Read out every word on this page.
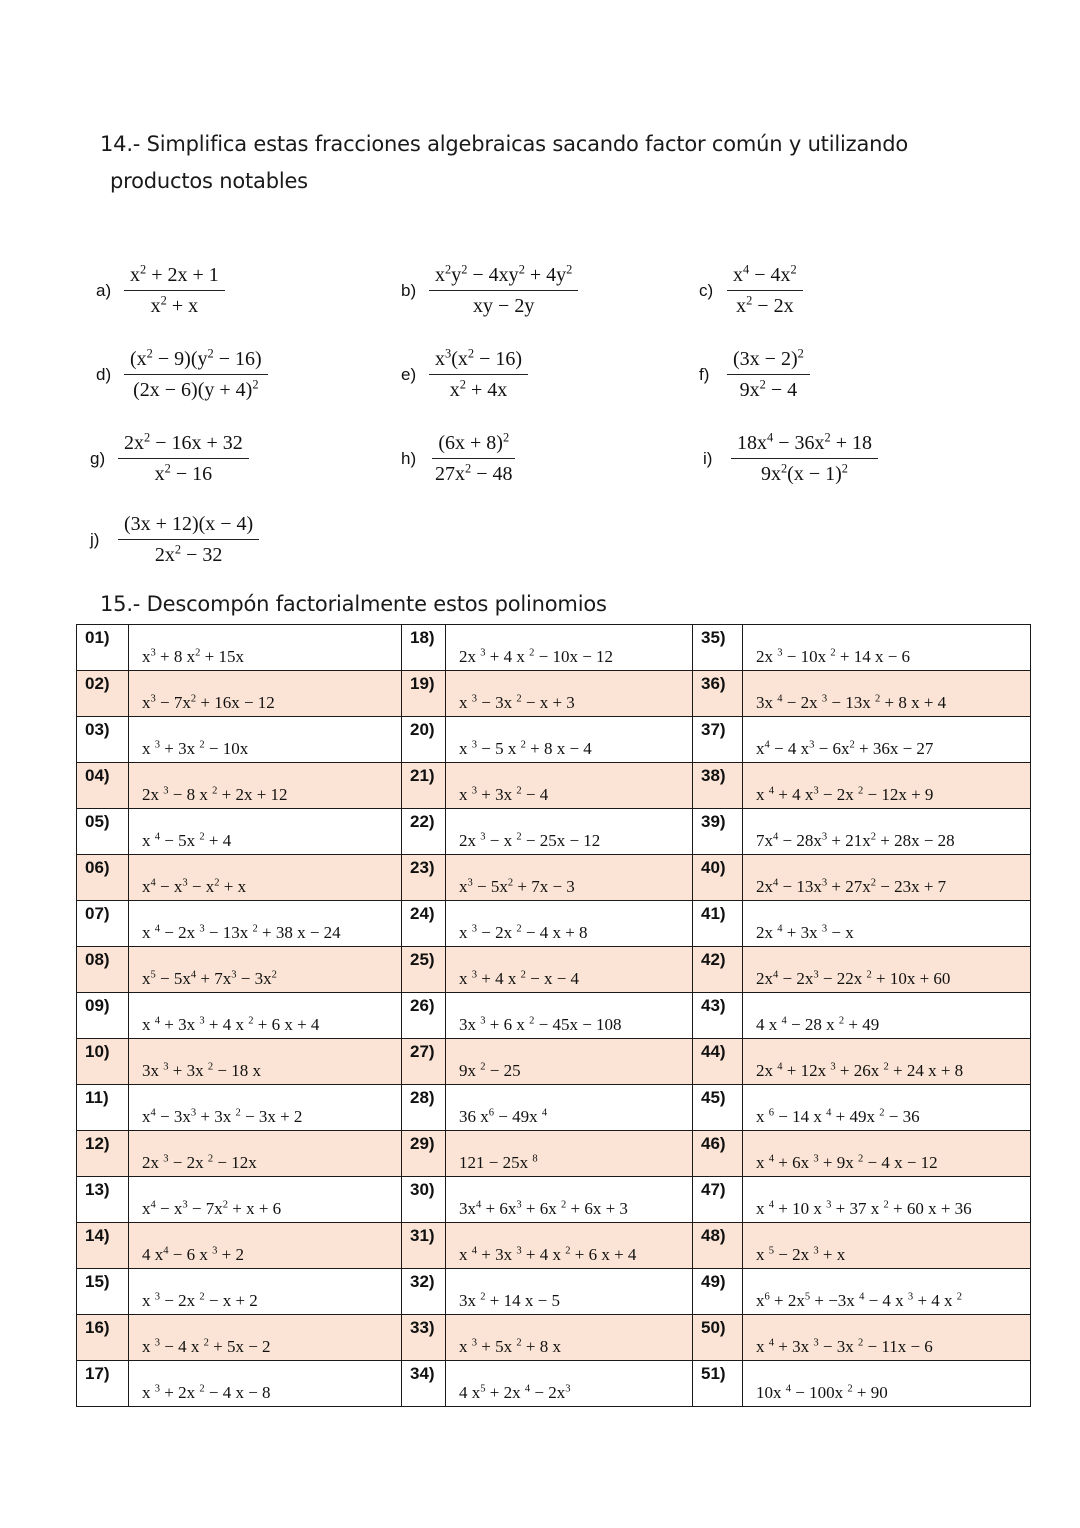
14.- Simplifica estas fracciones algebraicas sacando factor común y utilizando
productos notables
$a) \frac{x^2 + 2x + 1}{x^2 + x}$	$b) \frac{x^2y^2 - 4xy^2 + 4y^2}{xy - 2y}$	$c) \frac{x^4 - 4x^2}{x^2 - 2x}$
$d) \frac{(x^2 - 9)(y^2 - 16)}{(2x - 6)(y + 4)^2}$	$e) \frac{x^3(x^2 - 16)}{x^2 + 4x}$	$f) \frac{(3x - 2)^2}{9x^2 - 4}$
$g) \frac{2x^2 - 16x + 32}{x^2 - 16}$	$h) \frac{(6x + 8)^2}{27x^2 - 48}$	$i) \frac{18x^4 - 36x^2 + 18}{9x^2(x - 1)^2}$
$j) \frac{(3x + 12)(x - 4)}{2x^2 - 32}$
15.- Descompón factorialmente estos polinomios
01)	$x^3 + 8$ $x^2 + 15x$	18)	2x $^3$ + 4 x $^2$ − 10x − 12	35)	2x $^3$ − 10x $^2$ + 14 x − 6

02)	$x^3 - 7x^2 + 16x - 12$	19)	x $^3$ − 3x $^2$ − x + 3	36)	3x $^4$ − 2x $^3$ − 13x $^2$ + 8 x + 4

03)	x $^3$ + 3x $^2$ − 10x	20)	x $^3$ − 5 x $^2$ + 8 x − 4	37)	$x^4 - 4$ $x^3 - 6x^2 + 36x - 27$

04)	2x $^3$ − 8 x $^2$ + 2x + 12	21)	x $^3$ + 3x $^2$ − 4	38)	x $^4$ + 4 $x^3 - 2x$ $^2$ − 12x + 9

05)	x $^4$ − 5x $^2$ + 4	22)	2x $^3$ − x $^2$ − 25x − 12	39)	$7x^4 - 28x^3 + 21x^2 + 28x - 28$

06)	$x^4 - x^3 - x^2 + x$	23)	$x^3 - 5x^2 + 7x - 3$	40)	$2x^4 - 13x^3 + 27x^2 - 23x + 7$

07)	x $^4$ − 2x $^3$ − 13x $^2$ + 38 x − 24	24)	x $^3$ − 2x $^2$ − 4 x + 8	41)	2x $^4$ + 3x $^3$ − x

08)	$x^5 - 5x^4 + 7x^3 - 3x^2$	25)	x $^3$ + 4 x $^2$ − x − 4	42)	$2x^4 - 2x^3 - 22x$ $^2$ + 10x + 60

09)	x $^4$ + 3x $^3$ + 4 x $^2$ + 6 x + 4	26)	3x $^3$ + 6 x $^2$ − 45x − 108	43)	4 x $^4$ − 28 x $^2$ + 49

10)	3x $^3$ + 3x $^2$ − 18 x	27)	9x $^2$ − 25	44)	2x $^4$ + 12x $^3$ + 26x $^2$ + 24 x + 8

11)	$x^4 - 3x^3 + 3x$ $^2$ − 3x + 2	28)	36 $x^6 - 49x$ $^4$	45)	x $^6$ − 14 x $^4$ + 49x $^2$ − 36

12)	2x $^3$ − 2x $^2$ − 12x	29)	121 − 25x $^8$	46)	x $^4$ + 6x $^3$ + 9x $^2$ − 4 x − 12

13)	$x^4 - x^3 - 7x^2 + x + 6$	30)	$3x^4 + 6x^3 + 6x$ $^2$ + 6x + 3	47)	x $^4$ + 10 x $^3$ + 37 x $^2$ + 60 x + 36

14)	4 $x^4 - 6$ x $^3$ + 2	31)	x $^4$ + 3x $^3$ + 4 x $^2$ + 6 x + 4	48)	x $^5$ − 2x $^3$ + x

15)	x $^3$ − 2x $^2$ − x + 2	32)	3x $^2$ + 14 x − 5	49)	$x^6 + 2x^5 + -3x$ $^4$ − 4 x $^3$ + 4 x $^2$

16)	x $^3$ − 4 x $^2$ + 5x − 2	33)	x $^3$ + 5x $^2$ + 8 x	50)	x $^4$ + 3x $^3$ − 3x $^2$ − 11x − 6

17)	x $^3$ + 2x $^2$ − 4 x − 8	34)	4 $x^5 + 2x$ $^4 - 2x^3$	51)	10x $^4$ − 100x $^2$ + 90
